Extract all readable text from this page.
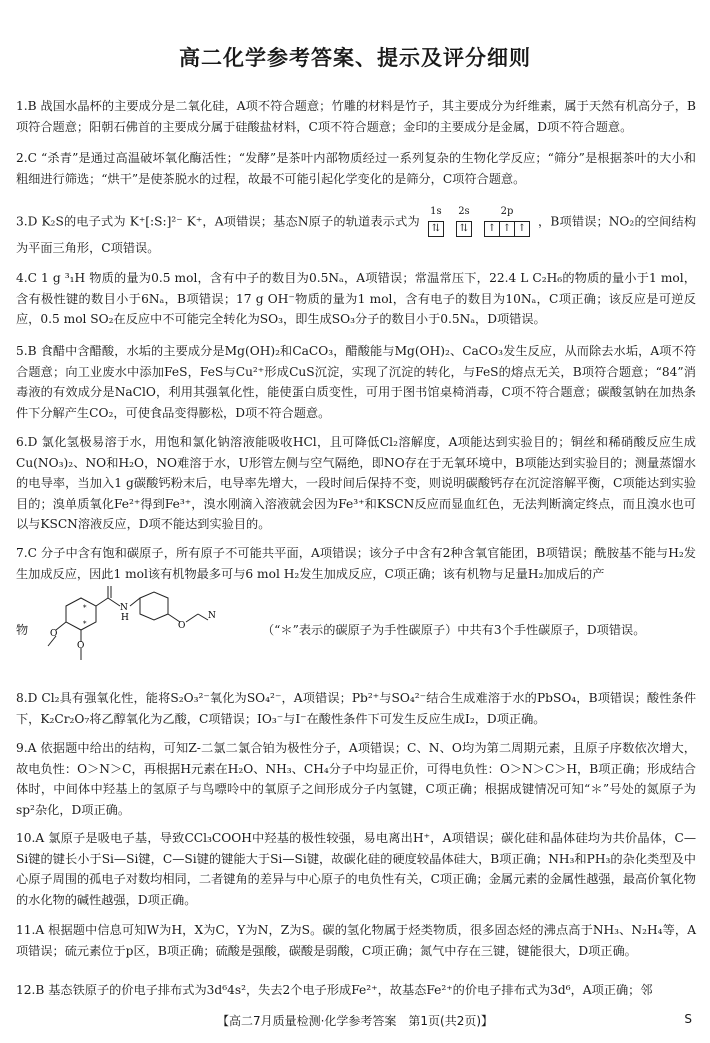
高二化学参考答案、提示及评分细则
1.B 战国水晶杯的主要成分是二氧化硅，A项不符合题意；竹雕的材料是竹子，其主要成分为纤维素，属于天然有机高分子，B项符合题意；阳朝石佛首的主要成分属于硅酸盐材料，C项不符合题意；金印的主要成分是金属，D项不符合题意。
2.C “杀青”是通过高温破坏氧化酶活性；“发酵”是茶叶内部物质经过一系列复杂的生物化学反应；“筛分”是根据茶叶的大小和粗细进行筛选；“烘干”是使茶脱水的过程，故最不可能引起化学变化的是筛分，C项符合题意。
3.D K₂S的电子式为 K⁺[:S:]²⁻ K⁺，A项错误；基态N原子的轨道表示式为
1s
⇅
2s
⇅
2p
↑ ↑ ↑ ，B项错误；NO₂的空间结构为平面三角形，C项错误。
4.C 1 g ³₁H 物质的量为0.5 mol，含有中子的数目为0.5Nₐ，A项错误；常温常压下，22.4 L C₂H₆的物质的量小于1 mol，含有极性键的数目小于6Nₐ，B项错误；17 g OH⁻物质的量为1 mol，含有电子的数目为10Nₐ，C项正确；该反应是可逆反应，0.5 mol SO₂在反应中不可能完全转化为SO₃，即生成SO₃分子的数目小于0.5Nₐ，D项错误。
5.B 食醋中含醋酸，水垢的主要成分是Mg(OH)₂和CaCO₃，醋酸能与Mg(OH)₂、CaCO₃发生反应，从而除去水垢，A项不符合题意；向工业废水中添加FeS，FeS与Cu²⁺形成CuS沉淀，实现了沉淀的转化，与FeS的熔点无关，B项符合题意；“84”消毒液的有效成分是NaClO，利用其强氧化性，能使蛋白质变性，可用于图书馆桌椅消毒，C项不符合题意；碳酸氢钠在加热条件下分解产生CO₂，可使食品变得膨松，D项不符合题意。
6.D 氯化氢极易溶于水，用饱和氯化钠溶液能吸收HCl，且可降低Cl₂溶解度，A项能达到实验目的；铜丝和稀硝酸反应生成Cu(NO₃)₂、NO和H₂O，NO难溶于水，U形管左侧与空气隔绝，即NO存在于无氧环境中，B项能达到实验目的；测量蒸馏水的电导率，当加入1 g碳酸钙粉末后，电导率先增大，一段时间后保持不变，则说明碳酸钙存在沉淀溶解平衡，C项能达到实验目的；溴单质氧化Fe²⁺得到Fe³⁺，溴水刚滴入溶液就会因为Fe³⁺和KSCN反应而显血红色，无法判断滴定终点，而且溴水也可以与KSCN溶液反应，D项不能达到实验目的。
7.C 分子中含有饱和碳原子，所有原子不可能共平面，A项错误；该分子中含有2种含氧官能团，B项错误；酰胺基不能与H₂发生加成反应，因此1 mol该有机物最多可与6 mol H₂发生加成反应，C项正确；该有机物与足量H₂加成后的产
物	（“＊”表示的碳原子为手性碳原子）中共有3个手性碳原子，D项错误。
*
*
N
H
O
N
O
O
8.D Cl₂具有强氧化性，能将S₂O₃²⁻氧化为SO₄²⁻，A项错误；Pb²⁺与SO₄²⁻结合生成难溶于水的PbSO₄，B项错误；酸性条件下，K₂Cr₂O₇将乙醇氧化为乙酸，C项错误；IO₃⁻与I⁻在酸性条件下可发生反应生成I₂，D项正确。
9.A 依据题中给出的结构，可知Z-二氯二氯合铂为极性分子，A项错误；C、N、O均为第二周期元素，且原子序数依次增大，故电负性：O＞N＞C，再根据H元素在H₂O、NH₃、CH₄分子中均显正价，可得电负性：O＞N＞C＞H，B项正确；形成结合体时，中间体中羟基上的氢原子与鸟嘌呤中的氧原子之间形成分子内氢键，C项正确；根据成键情况可知“＊”号处的氮原子为sp²杂化，D项正确。
10.A 氯原子是吸电子基，导致CCl₃COOH中羟基的极性较强，易电离出H⁺，A项错误；碳化硅和晶体硅均为共价晶体，C—Si键的键长小于Si—Si键，C—Si键的键能大于Si—Si键，故碳化硅的硬度较晶体硅大，B项正确；NH₃和PH₃的杂化类型及中心原子周围的孤电子对数均相同，二者键角的差异与中心原子的电负性有关，C项正确；金属元素的金属性越强，最高价氧化物的水化物的碱性越强，D项正确。
11.A 根据题中信息可知W为H，X为C，Y为N，Z为S。碳的氢化物属于烃类物质，很多固态烃的沸点高于NH₃、N₂H₄等，A项错误；硫元素位于p区，B项正确；硫酸是强酸，碳酸是弱酸，C项正确；氮气中存在三键，键能很大，D项正确。
12.B 基态铁原子的价电子排布式为3d⁶4s²，失去2个电子形成Fe²⁺，故基态Fe²⁺的价电子排布式为3d⁶，A项正确；邻
【高二7月质量检测·化学参考答案　第1页(共2页)】	S
